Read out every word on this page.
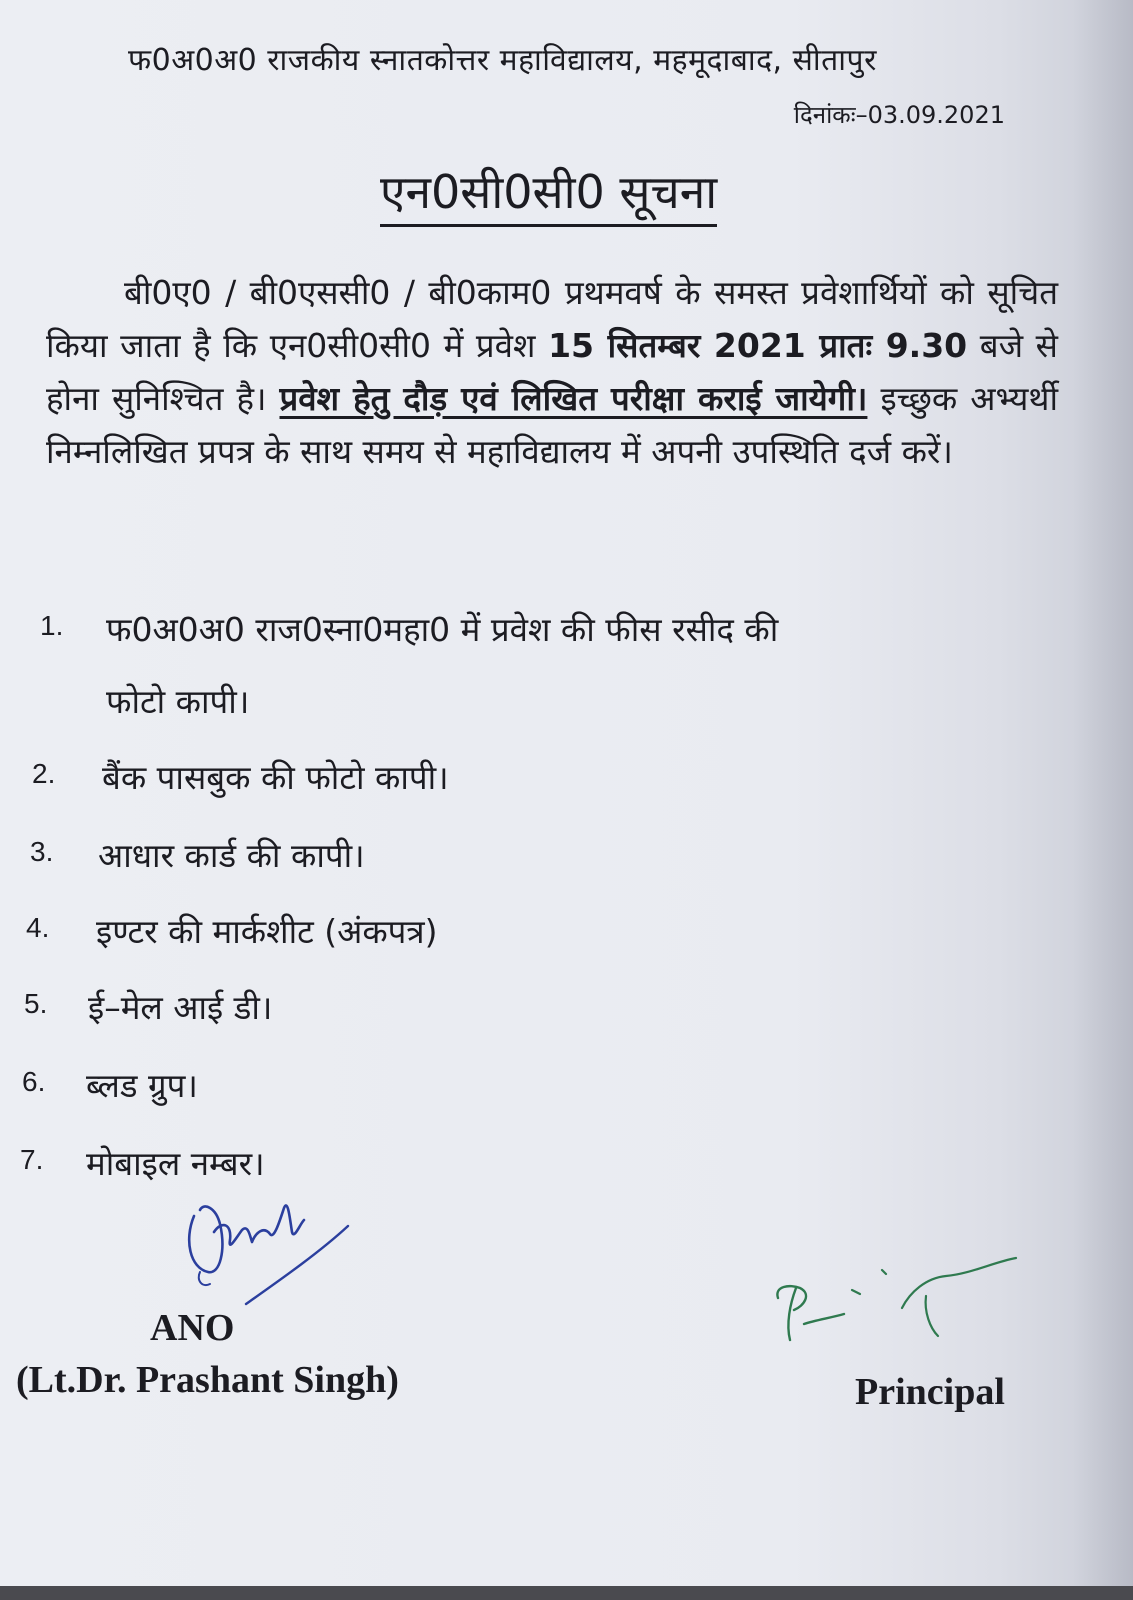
फ0अ0अ0 राजकीय स्नातकोत्तर महाविद्यालय, महमूदाबाद, सीतापुर
दिनांकः–03.09.2021
एन0सी0सी0 सूचना
बी0ए0 / बी0एससी0 / बी0काम0 प्रथमवर्ष के समस्त प्रवेशार्थियों को सूचित किया जाता है कि एन0सी0सी0 में प्रवेश 15 सितम्बर 2021 प्रातः 9.30 बजे से होना सुनिश्चित है। प्रवेश हेतु दौड़ एवं लिखित परीक्षा कराई जायेगी। इच्छुक अभ्यर्थी निम्नलिखित प्रपत्र के साथ समय से महाविद्यालय में अपनी उपस्थिति दर्ज करें।
1. फ0अ0अ0 राज0स्ना0महा0 में प्रवेश की फीस रसीद की
फोटो कापी।
2. बैंक पासबुक की फोटो कापी।
3. आधार कार्ड की कापी।
4. इण्टर की मार्कशीट (अंकपत्र)
5. ई–मेल आई डी।
6. ब्लड ग्रुप।
7. मोबाइल नम्बर।
ANO
(Lt.Dr. Prashant Singh)	Principal
